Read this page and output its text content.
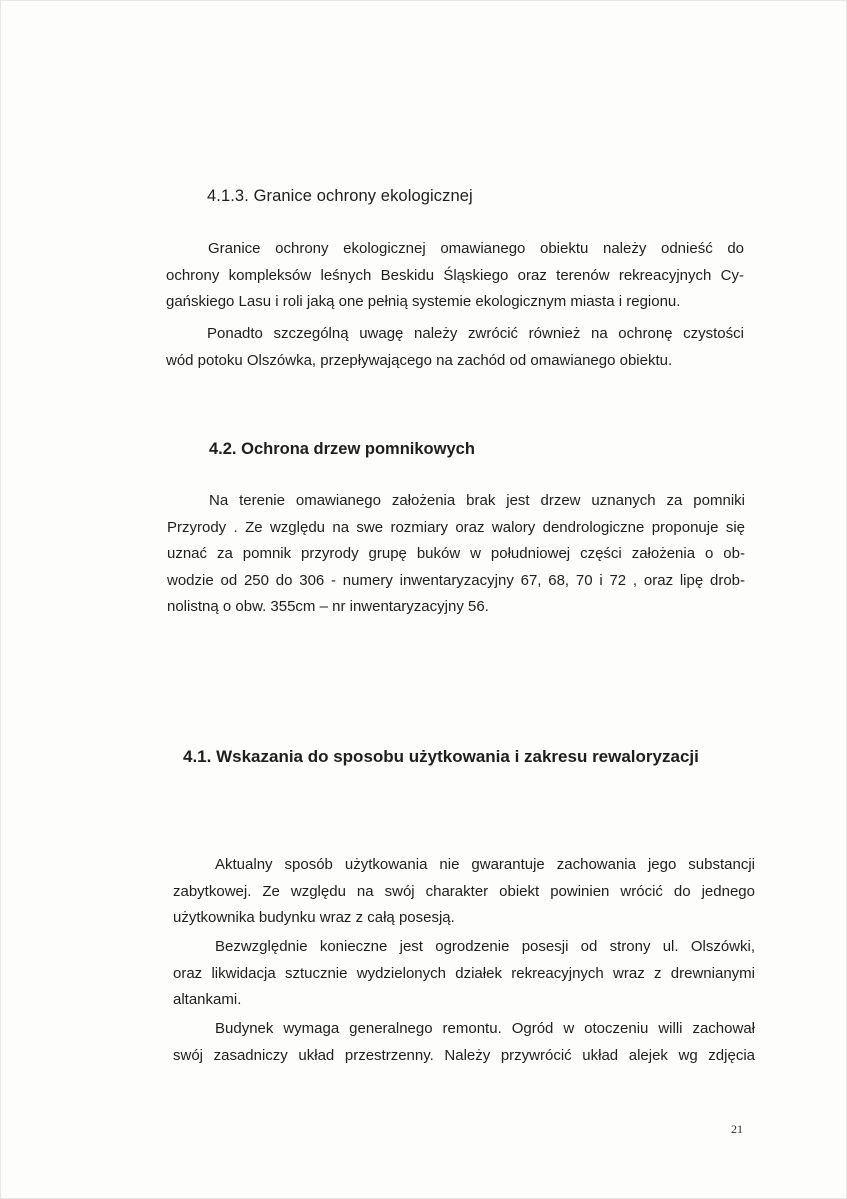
4.1.3. Granice ochrony ekologicznej
Granice ochrony ekologicznej omawianego obiektu należy odnieść do
ochrony kompleksów leśnych Beskidu Śląskiego oraz terenów rekreacyjnych Cy-
gańskiego Lasu i roli jaką one pełnią systemie ekologicznym miasta i regionu.
Ponadto szczególną uwagę należy zwrócić również na ochronę czystości
wód potoku Olszówka, przepływającego na zachód od omawianego obiektu.
4.2. Ochrona drzew pomnikowych
Na terenie omawianego założenia brak jest drzew uznanych za pomniki
Przyrody . Ze względu na swe rozmiary oraz walory dendrologiczne proponuje się
uznać za pomnik przyrody grupę buków w południowej części założenia o ob-
wodzie od 250 do 306 - numery inwentaryzacyjny 67, 68, 70 i 72 , oraz lipę drob-
nolistną o obw. 355cm – nr inwentaryzacyjny 56.
4.1. Wskazania do sposobu użytkowania i zakresu rewaloryzacji
Aktualny sposób użytkowania nie gwarantuje zachowania jego substancji
zabytkowej. Ze względu na swój charakter obiekt powinien wrócić do jednego
użytkownika budynku wraz z całą posesją.
Bezwzględnie konieczne jest ogrodzenie posesji od strony ul. Olszówki,
oraz likwidacja sztucznie wydzielonych działek rekreacyjnych wraz z drewnianymi
altankami.
Budynek wymaga generalnego remontu. Ogród w otoczeniu willi zachował
swój zasadniczy układ przestrzenny. Należy przywrócić układ alejek wg zdjęcia
21
